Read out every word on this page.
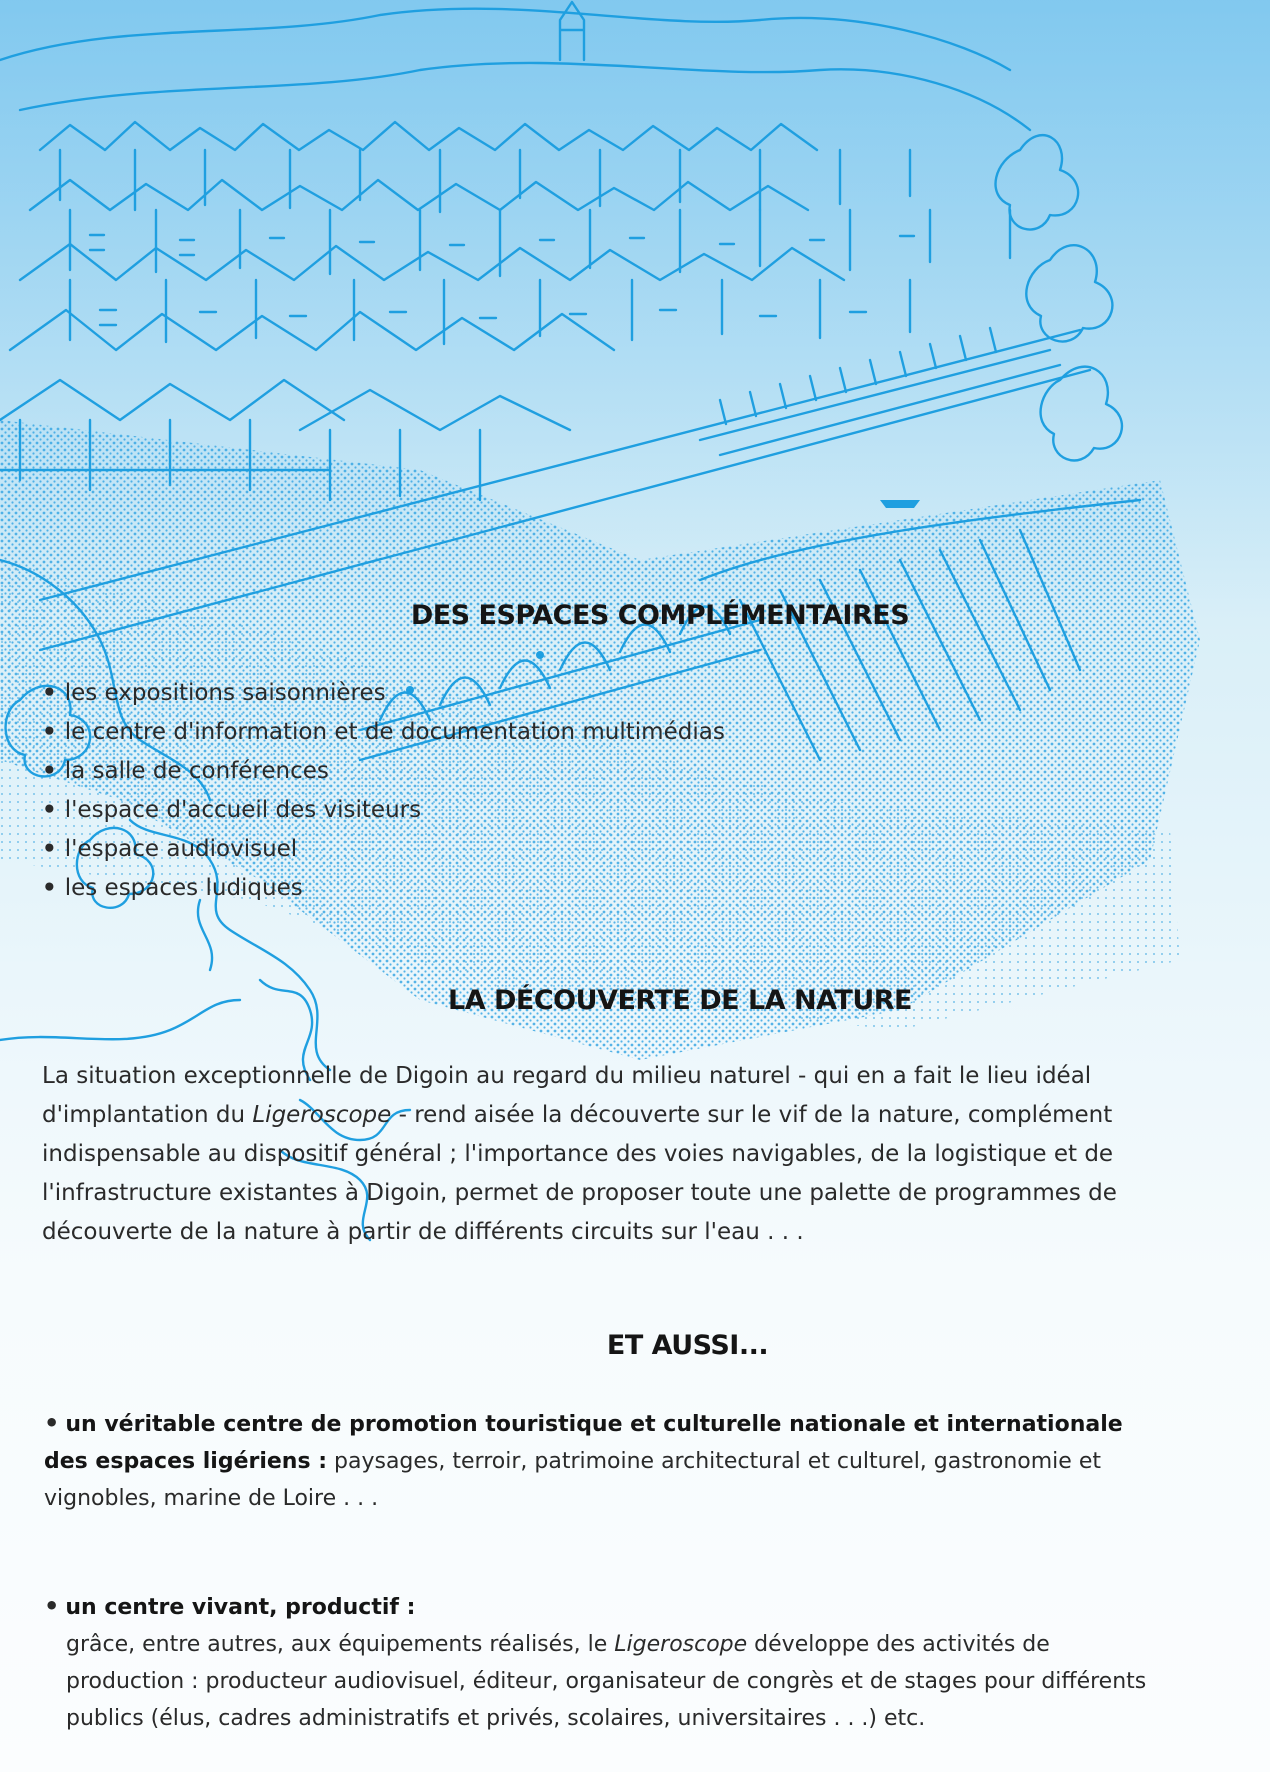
DES ESPACES COMPLÉMENTAIRES
• les expositions saisonnières
• le centre d'information et de documentation multimédias
• la salle de conférences
• l'espace d'accueil des visiteurs
• l'espace audiovisuel
• les espaces ludiques
LA DÉCOUVERTE DE LA NATURE

La situation exceptionnelle de Digoin au regard du milieu naturel - qui en a fait le lieu idéal d'implantation du Ligeroscope - rend aisée la découverte sur le vif de la nature, complément indispensable au dispositif général ; l'importance des voies navigables, de la logistique et de l'infrastructure existantes à Digoin, permet de proposer toute une palette de programmes de découverte de la nature à partir de différents circuits sur l'eau . . .

ET AUSSI...
• un véritable centre de promotion touristique et culturelle nationale et internationale des espaces ligériens : paysages, terroir, patrimoine architectural et culturel, gastronomie et vignobles, marine de Loire . . .
• un centre vivant, productif :
grâce, entre autres, aux équipements réalisés, le Ligeroscope développe des activités de production : producteur audiovisuel, éditeur, organisateur de congrès et de stages pour différents publics (élus, cadres administratifs et privés, scolaires, universitaires . . .) etc.
